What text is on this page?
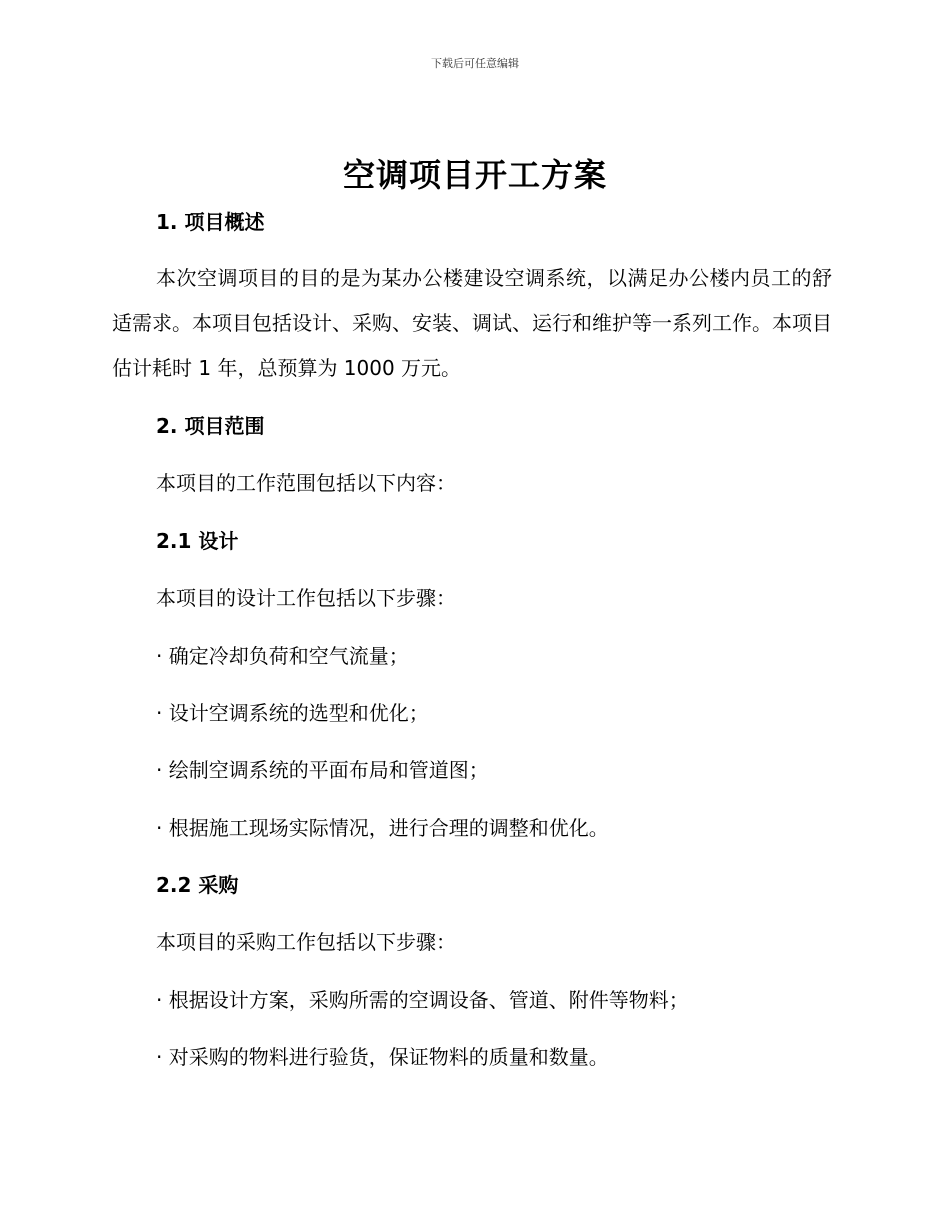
下载后可任意编辑
空调项目开工方案
1. 项目概述
本次空调项目的目的是为某办公楼建设空调系统，以满足办公楼内员工的舒适需求。本项目包括设计、采购、安装、调试、运行和维护等一系列工作。本项目估计耗时 1 年，总预算为 1000 万元。
2. 项目范围
本项目的工作范围包括以下内容：
2.1 设计
本项目的设计工作包括以下步骤：
· 确定冷却负荷和空气流量；
· 设计空调系统的选型和优化；
· 绘制空调系统的平面布局和管道图；
· 根据施工现场实际情况，进行合理的调整和优化。
2.2 采购
本项目的采购工作包括以下步骤：
· 根据设计方案，采购所需的空调设备、管道、附件等物料；
· 对采购的物料进行验货，保证物料的质量和数量。
